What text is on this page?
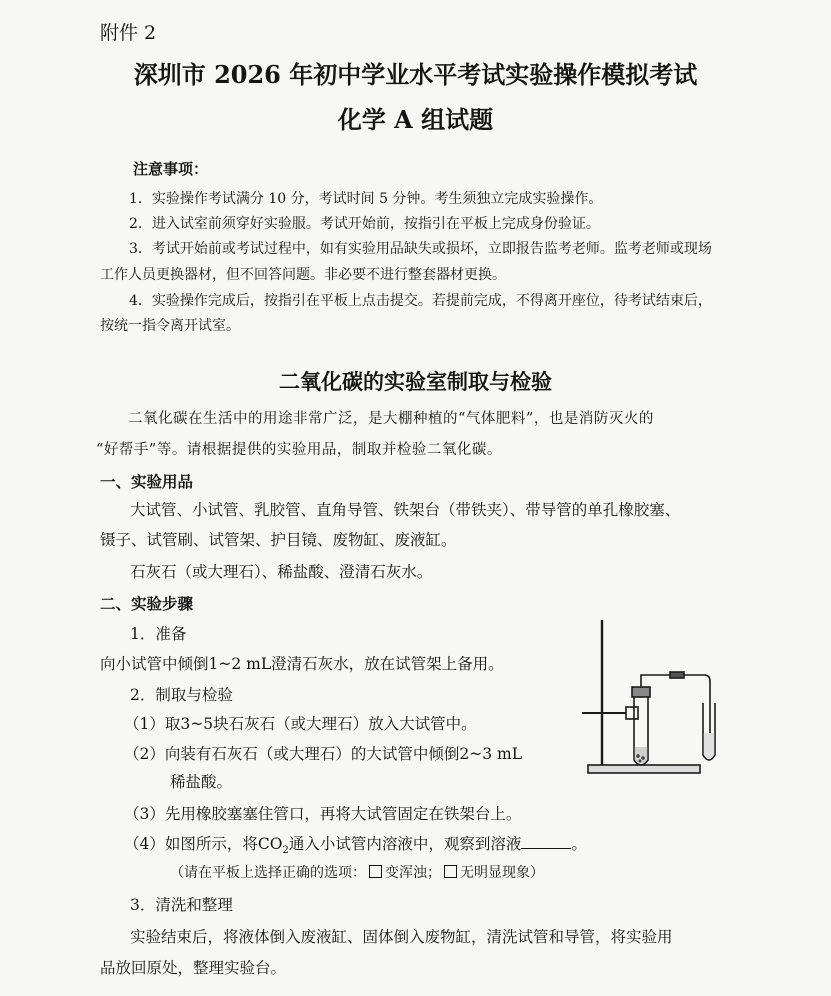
附件 2
深圳市 2026 年初中学业水平考试实验操作模拟考试
化学 A 组试题
注意事项：
1．实验操作考试满分 10 分，考试时间 5 分钟。考生须独立完成实验操作。
2．进入试室前须穿好实验服。考试开始前，按指引在平板上完成身份验证。
3．考试开始前或考试过程中，如有实验用品缺失或损坏，立即报告监考老师。监考老师或现场
工作人员更换器材，但不回答问题。非必要不进行整套器材更换。
4．实验操作完成后，按指引在平板上点击提交。若提前完成，不得离开座位，待考试结束后，
按统一指令离开试室。
二氧化碳的实验室制取与检验
二氧化碳在生活中的用途非常广泛，是大棚种植的“气体肥料”，也是消防灭火的
“好帮手”等。请根据提供的实验用品，制取并检验二氧化碳。
一、实验用品
大试管、小试管、乳胶管、直角导管、铁架台（带铁夹）、带导管的单孔橡胶塞、
镊子、试管刷、试管架、护目镜、废物缸、废液缸。
石灰石（或大理石）、稀盐酸、澄清石灰水。
二、实验步骤
1．准备
向小试管中倾倒1~2 mL澄清石灰水，放在试管架上备用。
2．制取与检验
（1）取3~5块石灰石（或大理石）放入大试管中。
（2）向装有石灰石（或大理石）的大试管中倾倒2~3 mL
稀盐酸。
（3）先用橡胶塞塞住管口，再将大试管固定在铁架台上。
（4）如图所示，将$CO_2$通入小试管内溶液中，观察到溶液	。
（请在平板上选择正确的选项： 变浑浊； 无明显现象）
3．清洗和整理
实验结束后，将液体倒入废液缸、固体倒入废物缸，清洗试管和导管，将实验用
品放回原处，整理实验台。
